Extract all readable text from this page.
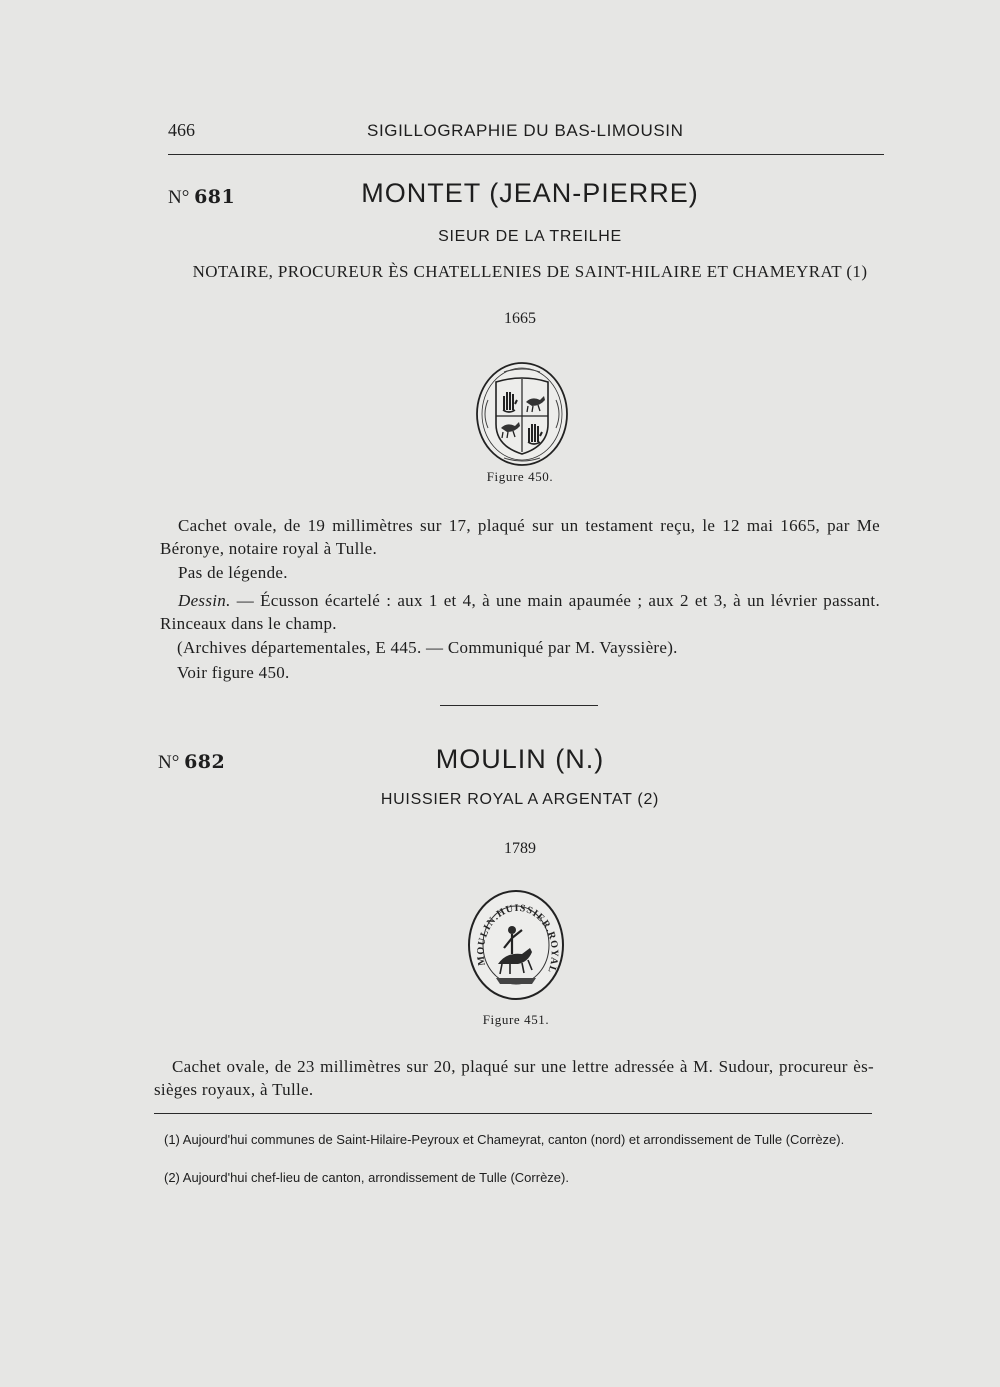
466	SIGILLOGRAPHIE DU BAS-LIMOUSIN
N° 681	MONTET (JEAN-PIERRE)
SIEUR DE LA TREILHE
NOTAIRE, PROCUREUR ÈS CHATELLENIES DE SAINT-HILAIRE ET CHAMEYRAT (1)
1665
Figure 450.
Cachet ovale, de 19 millimètres sur 17, plaqué sur un testament reçu, le 12 mai 1665, par Me Béronye, notaire royal à Tulle.
Pas de légende.
Dessin. — Écusson écartelé : aux 1 et 4, à une main apaumée ; aux 2 et 3, à un lévrier passant. Rinceaux dans le champ.
(Archives départementales, E 445. — Communiqué par M. Vayssière).
Voir figure 450.
N° 682	MOULIN (N.)
HUISSIER ROYAL A ARGENTAT (2)
1789
MOULIN.HUISSIER.ROYAL
Figure 451.
Cachet ovale, de 23 millimètres sur 20, plaqué sur une lettre adressée à M. Sudour, procureur ès-sièges royaux, à Tulle.
(1) Aujourd'hui communes de Saint-Hilaire-Peyroux et Chameyrat, canton (nord) et arrondissement de Tulle (Corrèze).
(2) Aujourd'hui chef-lieu de canton, arrondissement de Tulle (Corrèze).
